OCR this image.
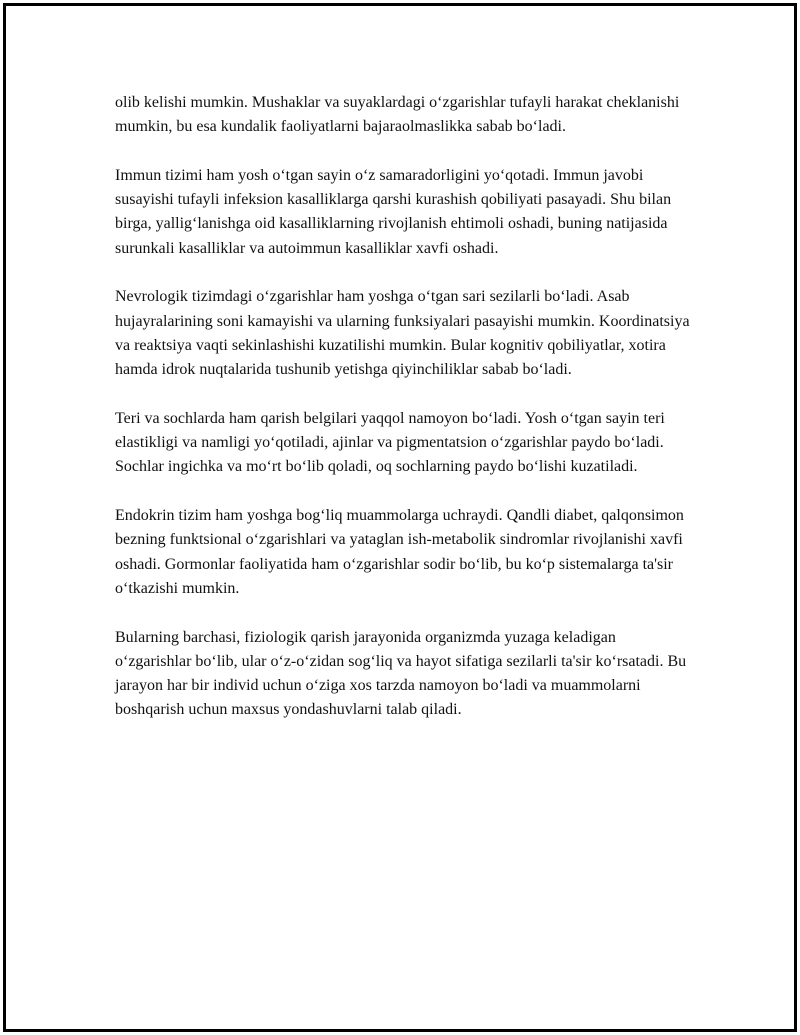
olib kelishi mumkin. Mushaklar va suyaklardagi o‘zgarishlar tufayli harakat cheklanishi mumkin, bu esa kundalik faoliyatlarni bajaraolmaslikka sabab bo‘ladi.

Immun tizimi ham yosh o‘tgan sayin o‘z samaradorligini yo‘qotadi. Immun javobi susayishi tufayli infeksion kasalliklarga qarshi kurashish qobiliyati pasayadi. Shu bilan birga, yallig‘lanishga oid kasalliklarning rivojlanish ehtimoli oshadi, buning natijasida surunkali kasalliklar va autoimmun kasalliklar xavfi oshadi.

Nevrologik tizimdagi o‘zgarishlar ham yoshga o‘tgan sari sezilarli bo‘ladi. Asab hujayralarining soni kamayishi va ularning funksiyalari pasayishi mumkin. Koordinatsiya va reaktsiya vaqti sekinlashishi kuzatilishi mumkin. Bular kognitiv qobiliyatlar, xotira hamda idrok nuqtalarida tushunib yetishga qiyinchiliklar sabab bo‘ladi.

Teri va sochlarda ham qarish belgilari yaqqol namoyon bo‘ladi. Yosh o‘tgan sayin teri elastikligi va namligi yo‘qotiladi, ajinlar va pigmentatsion o‘zgarishlar paydo bo‘ladi. Sochlar ingichka va mo‘rt bo‘lib qoladi, oq sochlarning paydo bo‘lishi kuzatiladi.

Endokrin tizim ham yoshga bog‘liq muammolarga uchraydi. Qandli diabet, qalqonsimon bezning funktsional o‘zgarishlari va yataglan ish-metabolik sindromlar rivojlanishi xavfi oshadi. Gormonlar faoliyatida ham o‘zgarishlar sodir bo‘lib, bu ko‘p sistemalarga ta'sir o‘tkazishi mumkin.

Bularning barchasi, fiziologik qarish jarayonida organizmda yuzaga keladigan o‘zgarishlar bo‘lib, ular o‘z-o‘zidan sog‘liq va hayot sifatiga sezilarli ta'sir ko‘rsatadi. Bu jarayon har bir individ uchun o‘ziga xos tarzda namoyon bo‘ladi va muammolarni boshqarish uchun maxsus yondashuvlarni talab qiladi.
